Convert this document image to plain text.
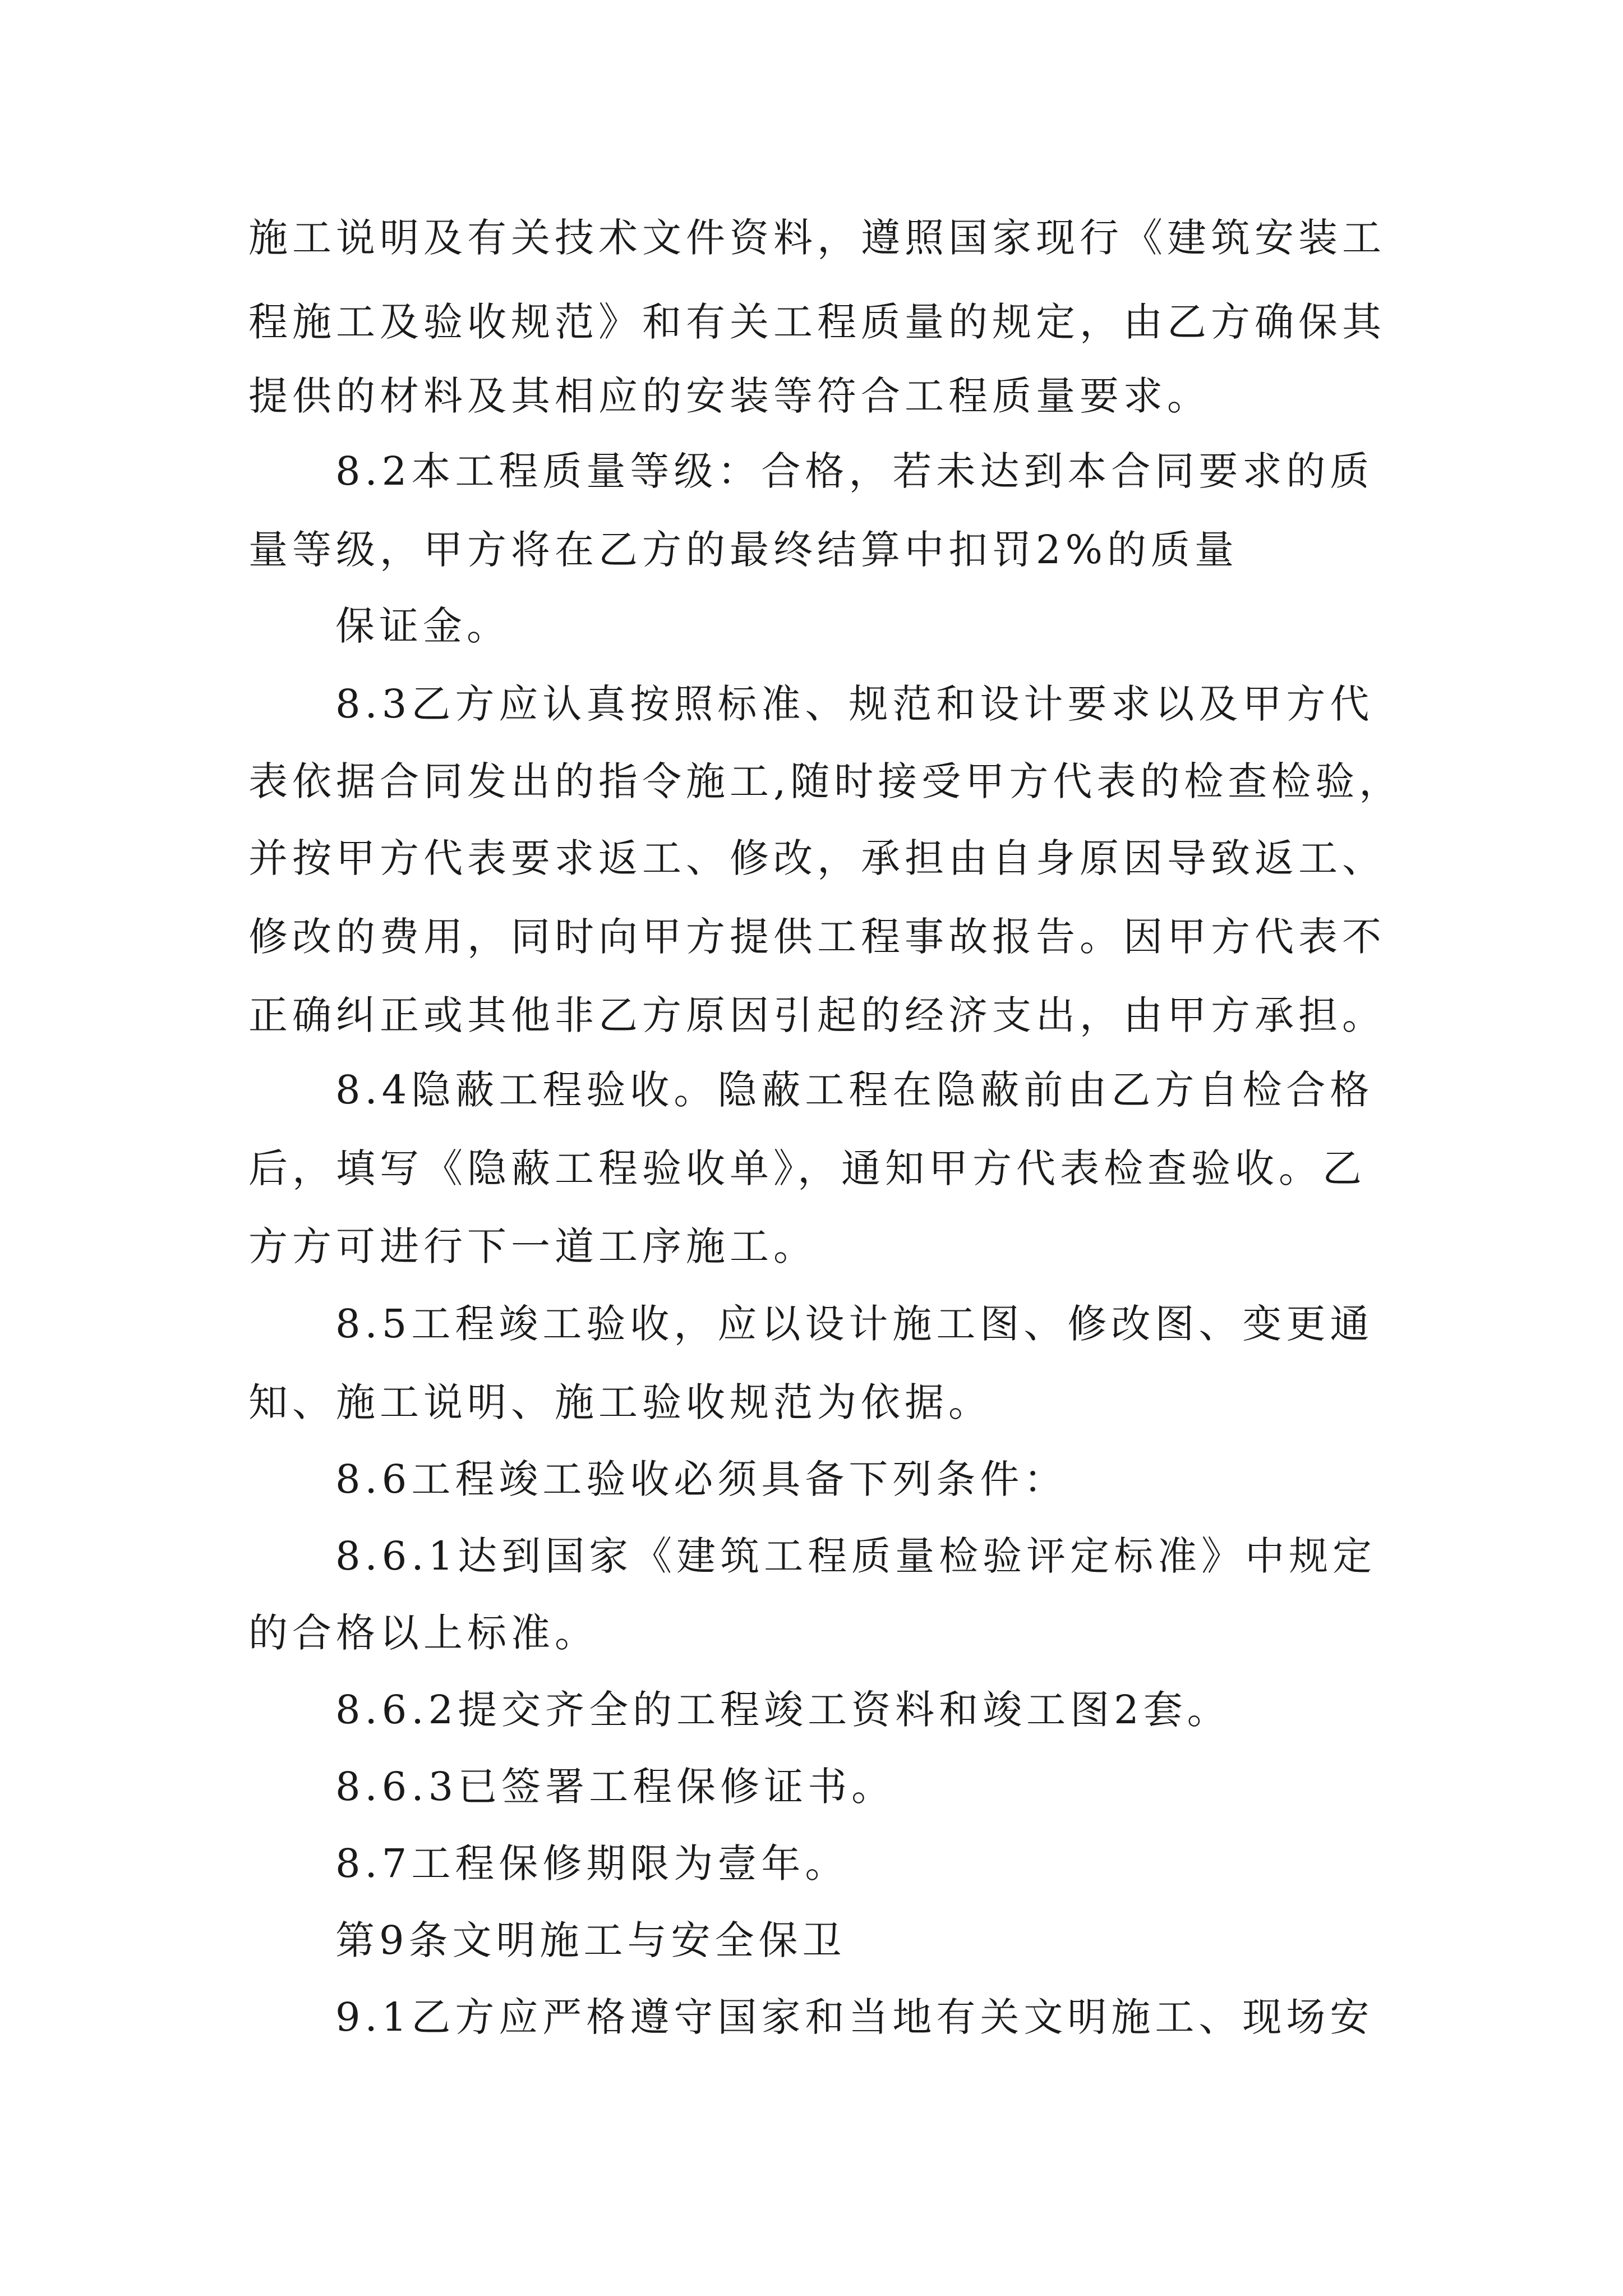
施工说明及有关技术文件资料，遵照国家现行《建筑安装工
程施工及验收规范》和有关工程质量的规定，由乙方确保其
提供的材料及其相应的安装等符合工程质量要求。
8.2本工程质量等级：合格，若未达到本合同要求的质
量等级，甲方将在乙方的最终结算中扣罚2%的质量
保证金。
8.3乙方应认真按照标准、规范和设计要求以及甲方代
表依据合同发出的指令施工,随时接受甲方代表的检查检验，
并按甲方代表要求返工、修改，承担由自身原因导致返工、
修改的费用，同时向甲方提供工程事故报告。因甲方代表不
正确纠正或其他非乙方原因引起的经济支出，由甲方承担。
8.4隐蔽工程验收。隐蔽工程在隐蔽前由乙方自检合格
后，填写《隐蔽工程验收单》，通知甲方代表检查验收。乙
方方可进行下一道工序施工。
8.5工程竣工验收，应以设计施工图、修改图、变更通
知、施工说明、施工验收规范为依据。
8.6工程竣工验收必须具备下列条件：
8.6.1达到国家《建筑工程质量检验评定标准》中规定
的合格以上标准。
8.6.2提交齐全的工程竣工资料和竣工图2套。
8.6.3已签署工程保修证书。
8.7工程保修期限为壹年。
第9条文明施工与安全保卫
9.1乙方应严格遵守国家和当地有关文明施工、现场安
